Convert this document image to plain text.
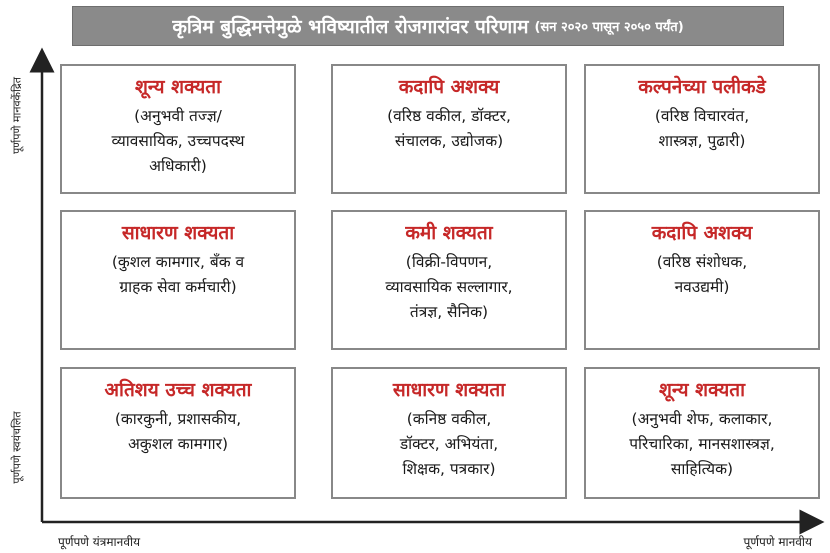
कृत्रिम बुद्धिमत्तेमुळे भविष्यातील रोजगारांवर परिणाम (सन २०२० पासून २०५० पर्यंत)
पूर्णपणे मानवकेंद्रित
पूर्णपणे स्वयंचलित
पूर्णपणे यंत्रमानवीय	पूर्णपणे मानवीय
शून्य शक्यता
(अनुभवी तज्ज्ञ/
व्यावसायिक, उच्चपदस्थ
अधिकारी)
कदापि अशक्य
(वरिष्ठ वकील, डॉक्टर,
संचालक, उद्योजक)
कल्पनेच्या पलीकडे
(वरिष्ठ विचारवंत,
शास्त्रज्ञ, पुढारी)
साधारण शक्यता
(कुशल कामगार, बँक व
ग्राहक सेवा कर्मचारी)
कमी शक्यता
(विक्री-विपणन,
व्यावसायिक सल्लागार,
तंत्रज्ञ, सैनिक)
कदापि अशक्य
(वरिष्ठ संशोधक,
नवउद्यमी)
अतिशय उच्च शक्यता
(कारकुनी, प्रशासकीय,
अकुशल कामगार)
साधारण शक्यता
(कनिष्ठ वकील,
डॉक्टर, अभियंता,
शिक्षक, पत्रकार)
शून्य शक्यता
(अनुभवी शेफ, कलाकार,
परिचारिका, मानसशास्त्रज्ञ,
साहित्यिक)
